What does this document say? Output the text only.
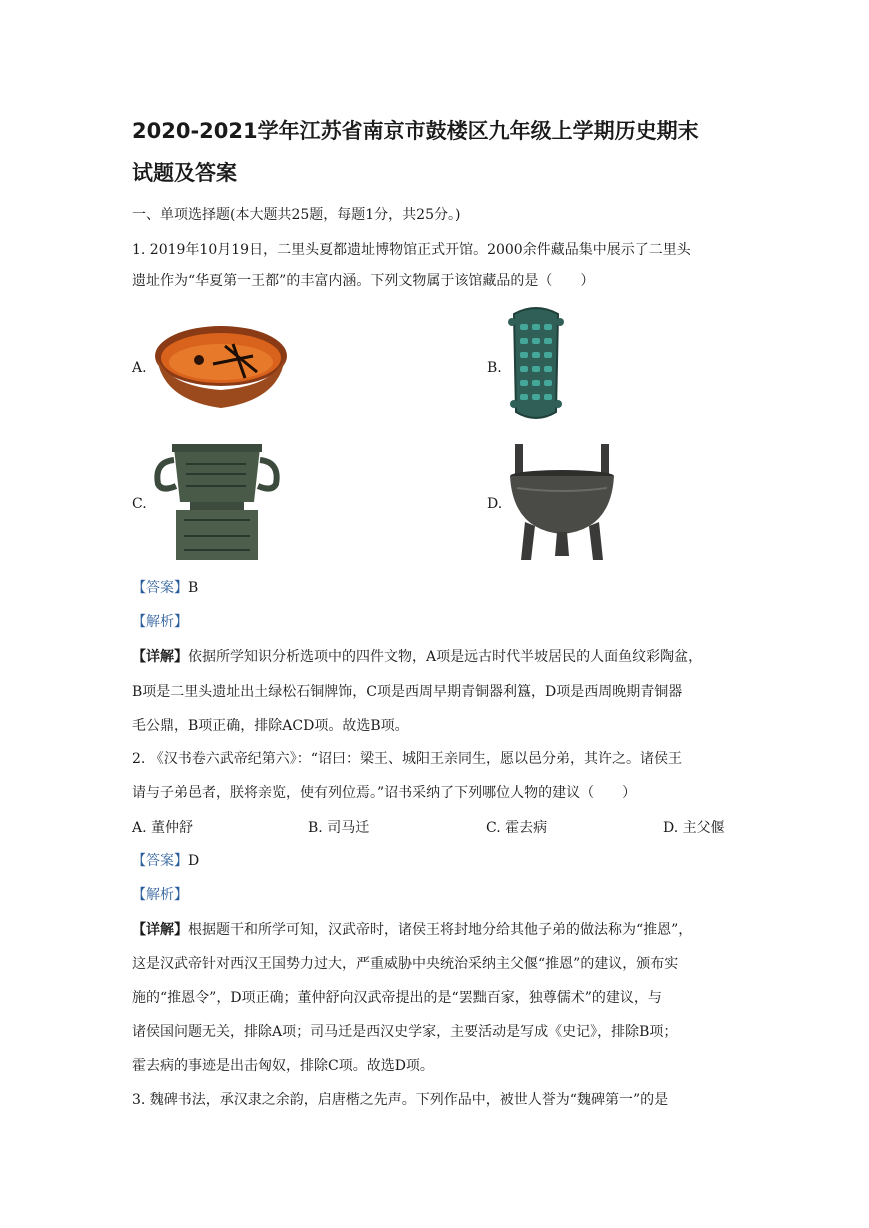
2020-2021学年江苏省南京市鼓楼区九年级上学期历史期末
试题及答案
一、单项选择题(本大题共25题，每题1分，共25分。)
1. 2019年10月19日，二里头夏都遗址博物馆正式开馆。2000余件藏品集中展示了二里头
遗址作为“华夏第一王都”的丰富内涵。下列文物属于该馆藏品的是（　　）
A.	B.
C.	D.
【答案】B
【解析】
【详解】依据所学知识分析选项中的四件文物，A项是远古时代半坡居民的人面鱼纹彩陶盆，
B项是二里头遗址出土绿松石铜牌饰，C项是西周早期青铜器利簋，D项是西周晚期青铜器
毛公鼎，B项正确，排除ACD项。故选B项。
2. 《汉书卷六武帝纪第六》：“诏曰：梁王、城阳王亲同生，愿以邑分弟，其许之。诸侯王
请与子弟邑者，朕将亲览，使有列位焉。”诏书采纳了下列哪位人物的建议（　　）
A. 董仲舒	B. 司马迁	C. 霍去病	D. 主父偃
【答案】D
【解析】
【详解】根据题干和所学可知，汉武帝时，诸侯王将封地分给其他子弟的做法称为“推恩”，
这是汉武帝针对西汉王国势力过大，严重威胁中央统治采纳主父偃“推恩”的建议，颁布实
施的“推恩令”，D项正确；董仲舒向汉武帝提出的是“罢黜百家，独尊儒术”的建议，与
诸侯国问题无关，排除A项；司马迁是西汉史学家，主要活动是写成《史记》，排除B项；
霍去病的事迹是出击匈奴，排除C项。故选D项。
3. 魏碑书法，承汉隶之余韵，启唐楷之先声。下列作品中，被世人誉为“魏碑第一”的是
